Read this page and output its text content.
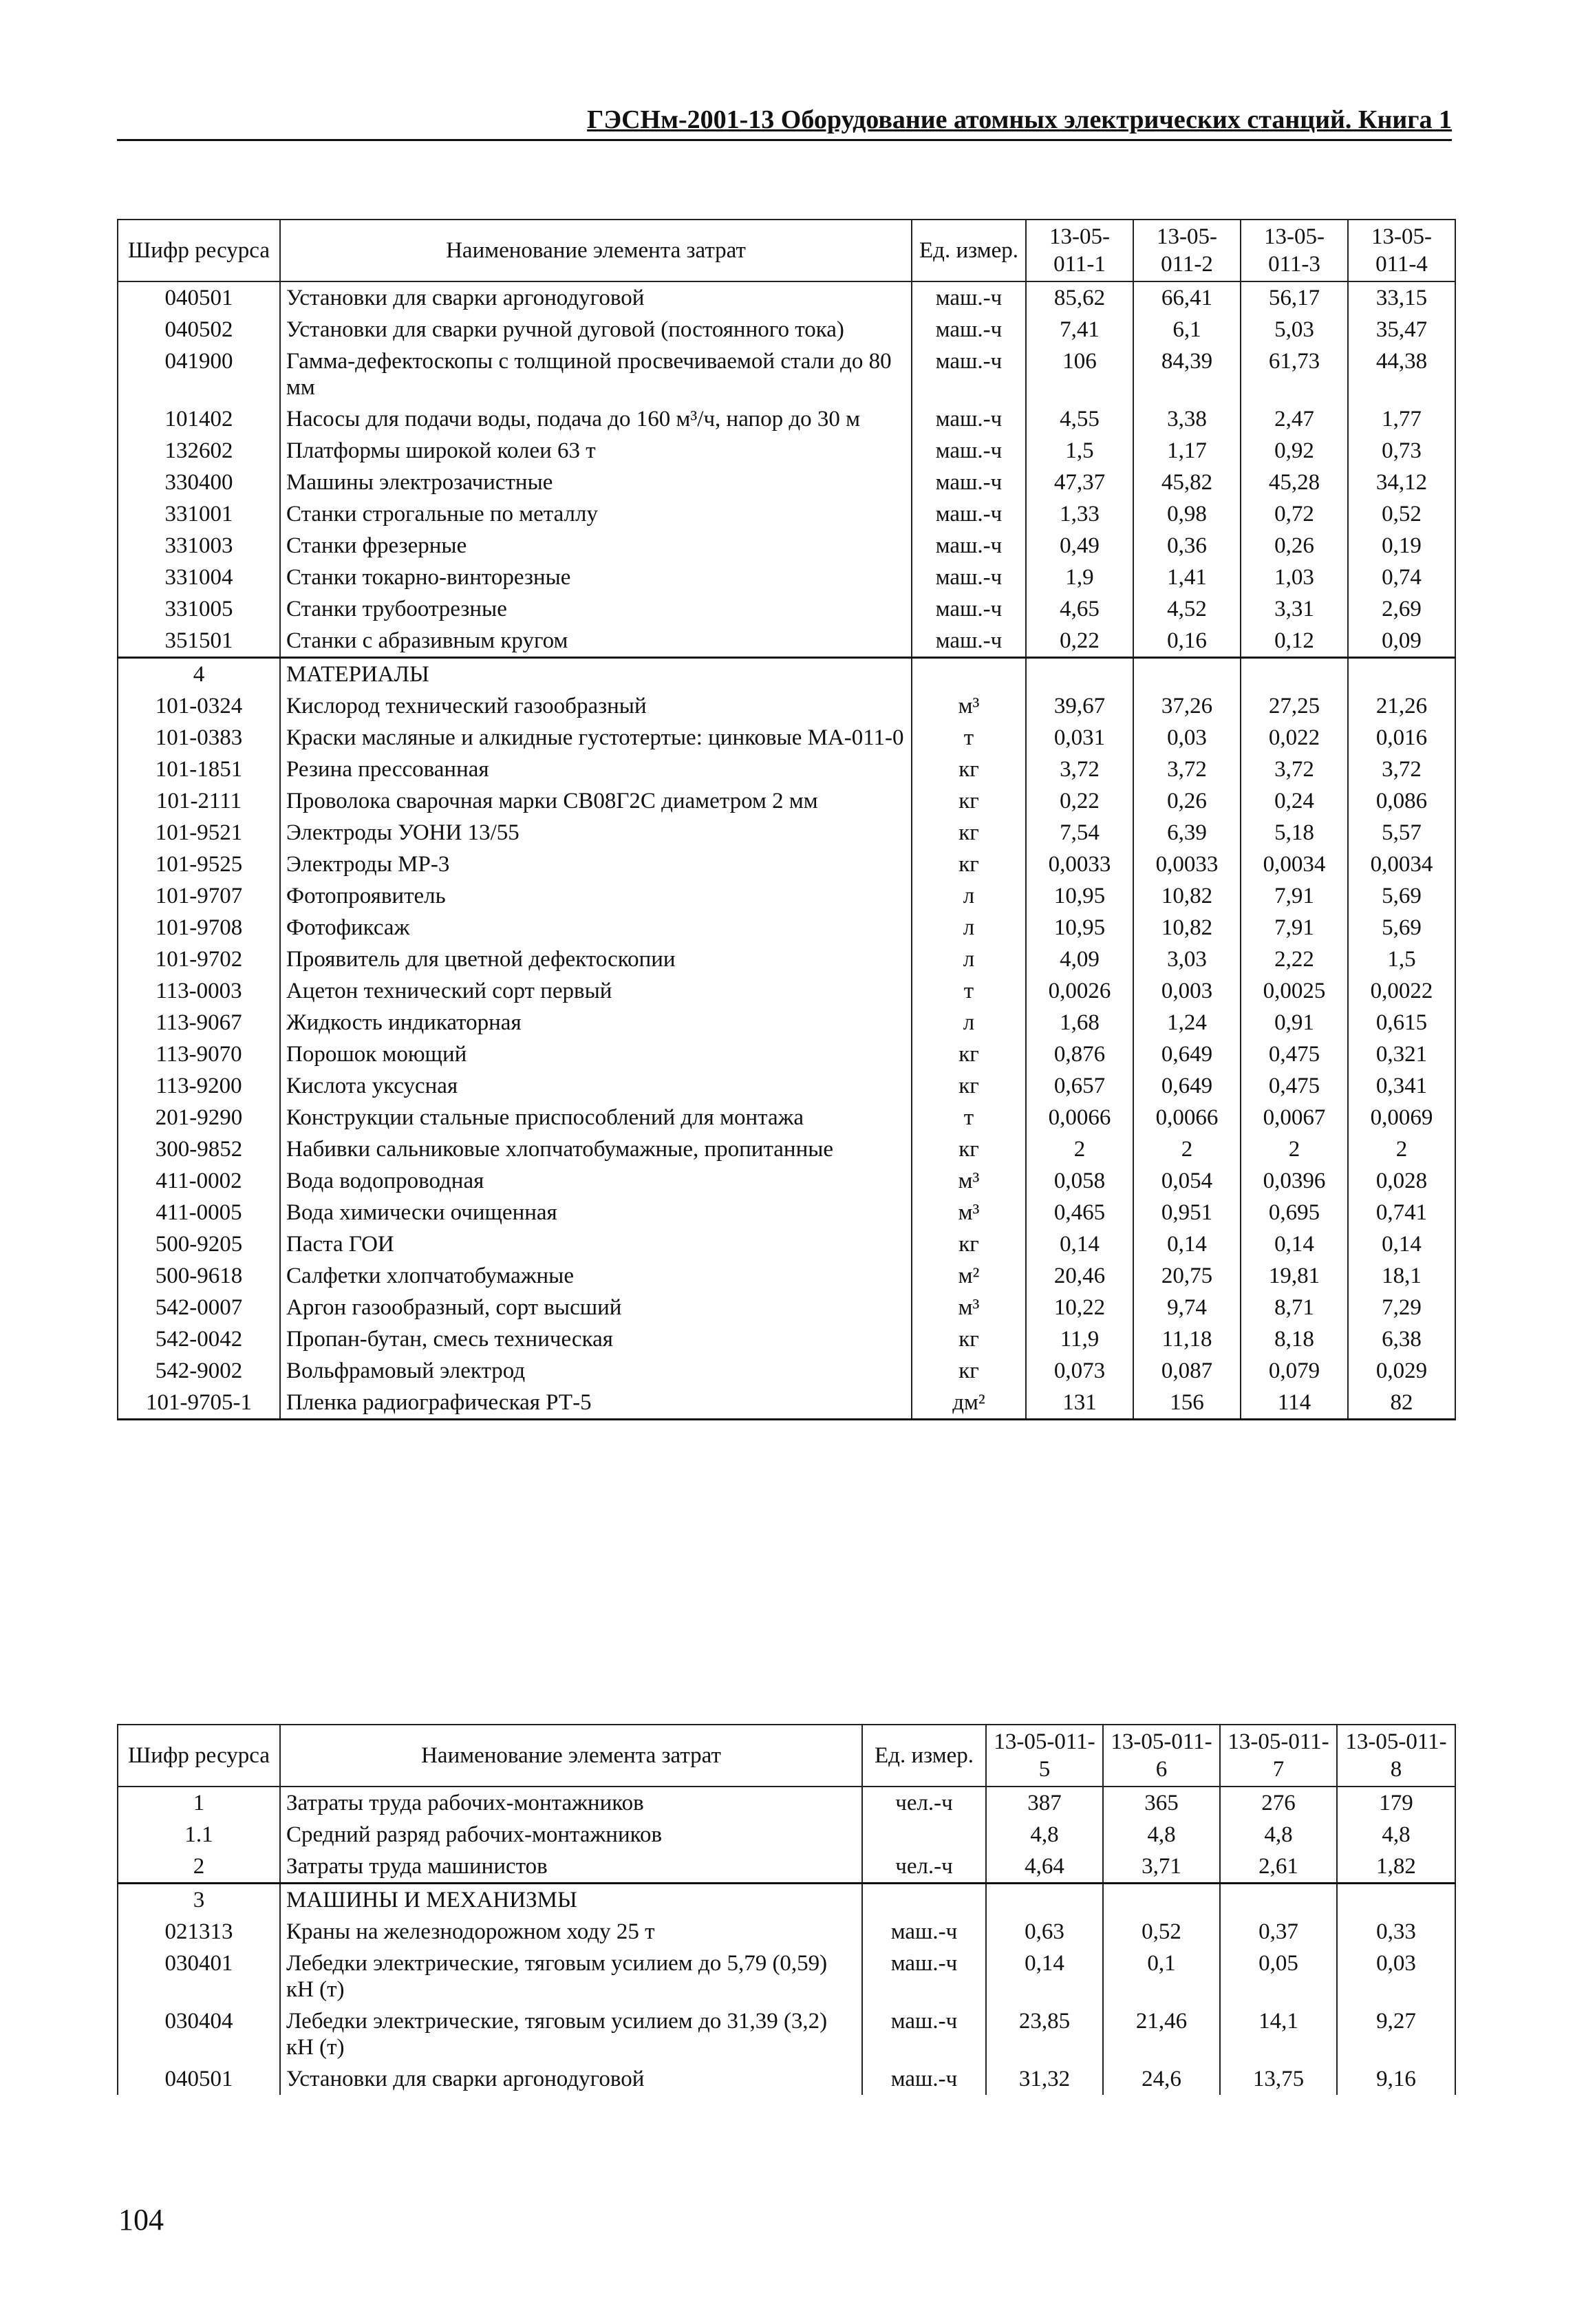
ГЭСНм-2001-13 Оборудование атомных электрических станций. Книга 1
Шифр ресурса	Наименование элемента затрат	Ед. измер.	13-05-011-1	13-05-011-2	13-05-011-3	13-05-011-4
040501	Установки для сварки аргонодуговой	маш.-ч	85,62	66,41	56,17	33,15
040502	Установки для сварки ручной дуговой (постоянного тока)	маш.-ч	7,41	6,1	5,03	35,47
041900	Гамма-дефектоскопы с толщиной просвечиваемой стали до 80 мм	маш.-ч	106	84,39	61,73	44,38
101402	Насосы для подачи воды, подача до 160 м³/ч, напор до 30 м	маш.-ч	4,55	3,38	2,47	1,77
132602	Платформы широкой колеи 63 т	маш.-ч	1,5	1,17	0,92	0,73
330400	Машины электрозачистные	маш.-ч	47,37	45,82	45,28	34,12
331001	Станки строгальные по металлу	маш.-ч	1,33	0,98	0,72	0,52
331003	Станки фрезерные	маш.-ч	0,49	0,36	0,26	0,19
331004	Станки токарно-винторезные	маш.-ч	1,9	1,41	1,03	0,74
331005	Станки трубоотрезные	маш.-ч	4,65	4,52	3,31	2,69
351501	Станки с абразивным кругом	маш.-ч	0,22	0,16	0,12	0,09
4	МАТЕРИАЛЫ					
101-0324	Кислород технический газообразный	м³	39,67	37,26	27,25	21,26
101-0383	Краски масляные и алкидные густотертые: цинковые МА-011-0	т	0,031	0,03	0,022	0,016
101-1851	Резина прессованная	кг	3,72	3,72	3,72	3,72
101-2111	Проволока сварочная марки СВ08Г2С диаметром 2 мм	кг	0,22	0,26	0,24	0,086
101-9521	Электроды УОНИ 13/55	кг	7,54	6,39	5,18	5,57
101-9525	Электроды МР-3	кг	0,0033	0,0033	0,0034	0,0034
101-9707	Фотопроявитель	л	10,95	10,82	7,91	5,69
101-9708	Фотофиксаж	л	10,95	10,82	7,91	5,69
101-9702	Проявитель для цветной дефектоскопии	л	4,09	3,03	2,22	1,5
113-0003	Ацетон технический сорт первый	т	0,0026	0,003	0,0025	0,0022
113-9067	Жидкость индикаторная	л	1,68	1,24	0,91	0,615
113-9070	Порошок моющий	кг	0,876	0,649	0,475	0,321
113-9200	Кислота уксусная	кг	0,657	0,649	0,475	0,341
201-9290	Конструкции стальные приспособлений для монтажа	т	0,0066	0,0066	0,0067	0,0069
300-9852	Набивки сальниковые хлопчатобумажные, пропитанные	кг	2	2	2	2
411-0002	Вода водопроводная	м³	0,058	0,054	0,0396	0,028
411-0005	Вода химически очищенная	м³	0,465	0,951	0,695	0,741
500-9205	Паста ГОИ	кг	0,14	0,14	0,14	0,14
500-9618	Салфетки хлопчатобумажные	м²	20,46	20,75	19,81	18,1
542-0007	Аргон газообразный, сорт высший	м³	10,22	9,74	8,71	7,29
542-0042	Пропан-бутан, смесь техническая	кг	11,9	11,18	8,18	6,38
542-9002	Вольфрамовый электрод	кг	0,073	0,087	0,079	0,029
101-9705-1	Пленка радиографическая РТ-5	дм²	131	156	114	82
Шифр ресурса	Наименование элемента затрат	Ед. измер.	13-05-011-5	13-05-011-6	13-05-011-7	13-05-011-8
1	Затраты труда рабочих-монтажников	чел.-ч	387	365	276	179
1.1	Средний разряд рабочих-монтажников		4,8	4,8	4,8	4,8
2	Затраты труда машинистов	чел.-ч	4,64	3,71	2,61	1,82
3	МАШИНЫ И МЕХАНИЗМЫ					
021313	Краны на железнодорожном ходу 25 т	маш.-ч	0,63	0,52	0,37	0,33
030401	Лебедки электрические, тяговым усилием до 5,79 (0,59) кН (т)	маш.-ч	0,14	0,1	0,05	0,03
030404	Лебедки электрические, тяговым усилием до 31,39 (3,2) кН (т)	маш.-ч	23,85	21,46	14,1	9,27
040501	Установки для сварки аргонодуговой	маш.-ч	31,32	24,6	13,75	9,16
104
